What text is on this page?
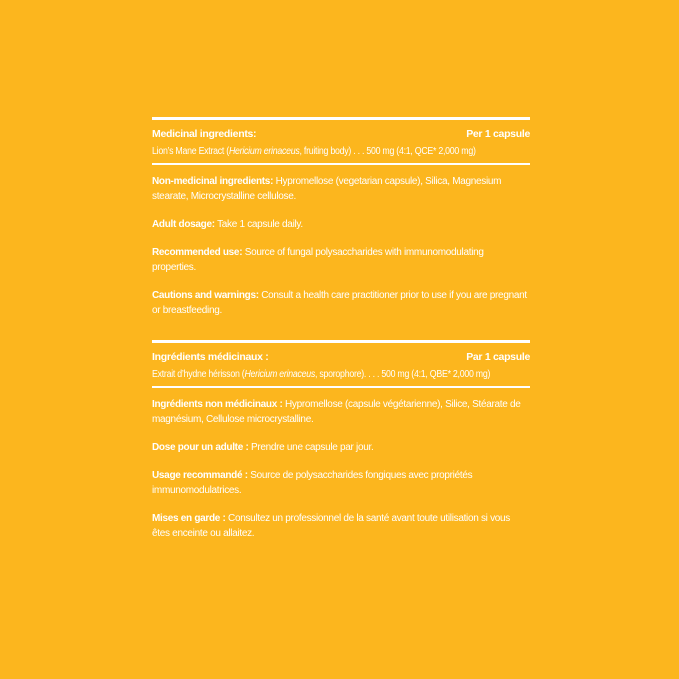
Medicinal ingredients:	Per 1 capsule
Lion’s Mane Extract (Hericium erinaceus, fruiting body) . . . 500 mg (4:1, QCE* 2,000 mg)

Non-medicinal ingredients: Hypromellose (vegetarian capsule), Silica, Magnesium stearate, Microcrystalline cellulose.

Adult dosage: Take 1 capsule daily.

Recommended use: Source of fungal polysaccharides with immunomodulating properties.

Cautions and warnings: Consult a health care practitioner prior to use if you are pregnant or breastfeeding.

Ingrédients médicinaux :	Par 1 capsule
Extrait d’hydne hérisson (Hericium erinaceus, sporophore). . . . 500 mg (4:1, QBE* 2,000 mg)

Ingrédients non médicinaux : Hypromellose (capsule végétarienne), Silice, Stéarate de magnésium, Cellulose microcrystalline.

Dose pour un adulte : Prendre une capsule par jour.

Usage recommandé : Source de polysaccharides fongiques avec propriétés immunomodulatrices.

Mises en garde : Consultez un professionnel de la santé avant toute utilisation si vous êtes enceinte ou allaitez.
